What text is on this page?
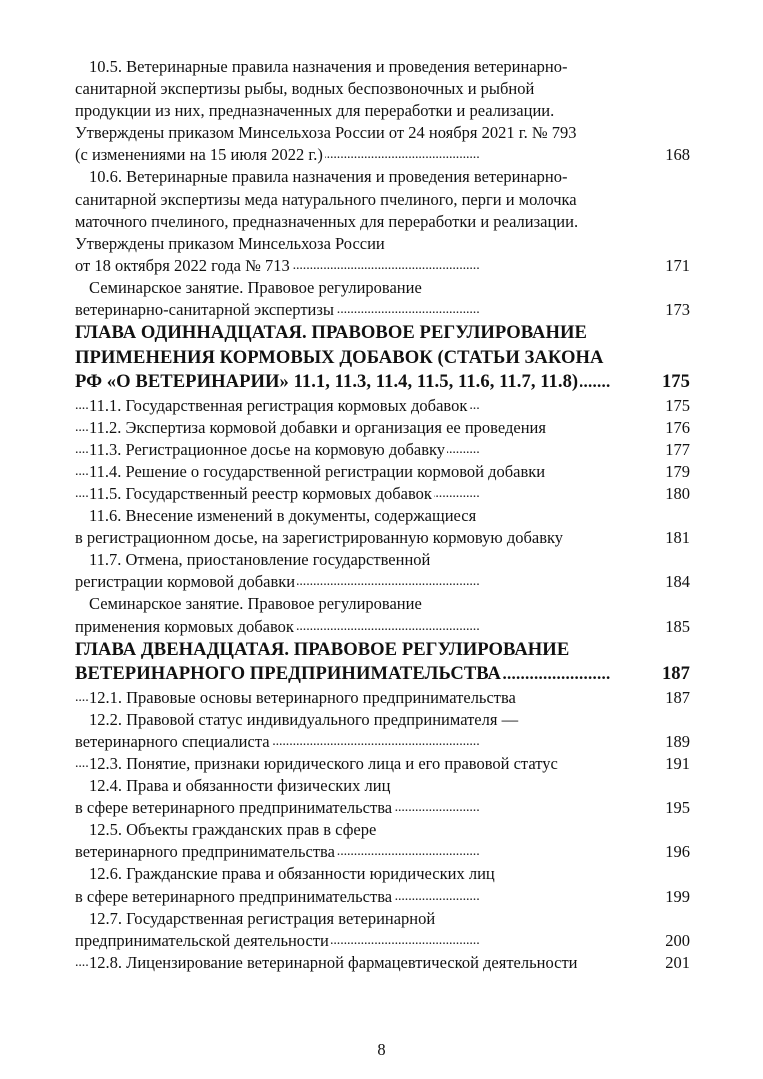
10.5. Ветеринарные правила назначения и проведения ветеринарно-
санитарной экспертизы рыбы, водных беспозвоночных и рыбной
продукции из них, предназначенных для переработки и реализации.
Утверждены приказом Минсельхоза России от 24 ноября 2021 г. № 793
. . . (с изменениями на 15 июля 2022 г.)	168
10.6. Ветеринарные правила назначения и проведения ветеринарно-
санитарной экспертизы меда натурального пчелиного, перги и молочка
маточного пчелиного, предназначенных для переработки и реализации.
Утверждены приказом Минсельхоза России
. . . от 18 октября 2022 года № 713	171
Семинарское занятие. Правовое регулирование
. . . ветеринарно-санитарной экспертизы	173
ГЛАВА ОДИННАДЦАТАЯ. ПРАВОВОЕ РЕГУЛИРОВАНИЕ
ПРИМЕНЕНИЯ КОРМОВЫХ ДОБАВОК (СТАТЬИ ЗАКОНА
. . . РФ «О ВЕТЕРИНАРИИ» 11.1, 11.3, 11.4, 11.5, 11.6, 11.7, 11.8)	175
. . . 11.1. Государственная регистрация кормовых добавок	175
. . . 11.2. Экспертиза кормовой добавки и организация ее проведения	176
. . . 11.3. Регистрационное досье на кормовую добавку	177
. . . 11.4. Решение о государственной регистрации кормовой добавки	179
. . . 11.5. Государственный реестр кормовых добавок	180
11.6. Внесение изменений в документы, содержащиеся
. . . в регистрационном досье, на зарегистрированную кормовую добавку	181
11.7. Отмена, приостановление государственной
. . . регистрации кормовой добавки	184
Семинарское занятие. Правовое регулирование
. . . применения кормовых добавок	185
ГЛАВА ДВЕНАДЦАТАЯ. ПРАВОВОЕ РЕГУЛИРОВАНИЕ
. . . ВЕТЕРИНАРНОГО ПРЕДПРИНИМАТЕЛЬСТВА	187
. . . 12.1. Правовые основы ветеринарного предпринимательства	187
12.2. Правовой статус индивидуального предпринимателя —
. . . ветеринарного специалиста	189
. . . 12.3. Понятие, признаки юридического лица и его правовой статус	191
12.4. Права и обязанности физических лиц
. . . в сфере ветеринарного предпринимательства	195
12.5. Объекты гражданских прав в сфере
. . . ветеринарного предпринимательства	196
12.6. Гражданские права и обязанности юридических лиц
. . . в сфере ветеринарного предпринимательства	199
12.7. Государственная регистрация ветеринарной
. . . предпринимательской деятельности	200
. . . 12.8. Лицензирование ветеринарной фармацевтической деятельности	201
8
